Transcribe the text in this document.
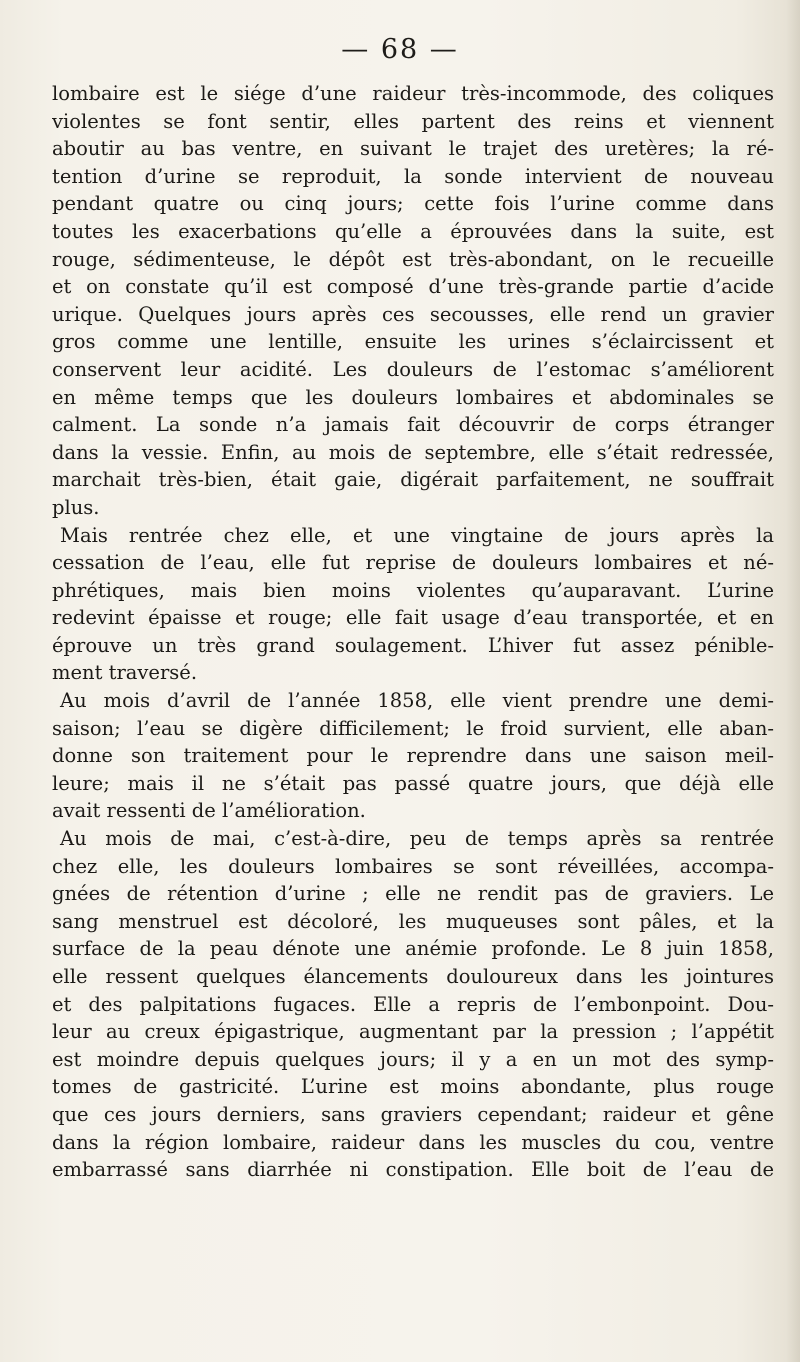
— 68 —
lombaire est le siége d’une raideur très-incommode, des coliques
violentes se font sentir, elles partent des reins et viennent
aboutir au bas ventre, en suivant le trajet des uretères; la ré-
tention d’urine se reproduit, la sonde intervient de nouveau
pendant quatre ou cinq jours; cette fois l’urine comme dans
toutes les exacerbations qu’elle a éprouvées dans la suite, est
rouge, sédimenteuse, le dépôt est très-abondant, on le recueille
et on constate qu’il est composé d’une très-grande partie d’acide
urique. Quelques jours après ces secousses, elle rend un gravier
gros comme une lentille, ensuite les urines s’éclaircissent et
conservent leur acidité. Les douleurs de l’estomac s’améliorent
en même temps que les douleurs lombaires et abdominales se
calment. La sonde n’a jamais fait découvrir de corps étranger
dans la vessie. Enfin, au mois de septembre, elle s’était redressée,
marchait très-bien, était gaie, digérait parfaitement, ne souffrait
plus.
Mais rentrée chez elle, et une vingtaine de jours après la
cessation de l’eau, elle fut reprise de douleurs lombaires et né-
phrétiques, mais bien moins violentes qu’auparavant. L’urine
redevint épaisse et rouge; elle fait usage d’eau transportée, et en
éprouve un très grand soulagement. L’hiver fut assez pénible-
ment traversé.
Au mois d’avril de l’année 1858, elle vient prendre une demi-
saison; l’eau se digère difficilement; le froid survient, elle aban-
donne son traitement pour le reprendre dans une saison meil-
leure; mais il ne s’était pas passé quatre jours, que déjà elle
avait ressenti de l’amélioration.
Au mois de mai, c’est-à-dire, peu de temps après sa rentrée
chez elle, les douleurs lombaires se sont réveillées, accompa-
gnées de rétention d’urine ; elle ne rendit pas de graviers. Le
sang menstruel est décoloré, les muqueuses sont pâles, et la
surface de la peau dénote une anémie profonde. Le 8 juin 1858,
elle ressent quelques élancements douloureux dans les jointures
et des palpitations fugaces. Elle a repris de l’embonpoint. Dou-
leur au creux épigastrique, augmentant par la pression ; l’appétit
est moindre depuis quelques jours; il y a en un mot des symp-
tomes de gastricité. L’urine est moins abondante, plus rouge
que ces jours derniers, sans graviers cependant; raideur et gêne
dans la région lombaire, raideur dans les muscles du cou, ventre
embarrassé sans diarrhée ni constipation. Elle boit de l’eau de
